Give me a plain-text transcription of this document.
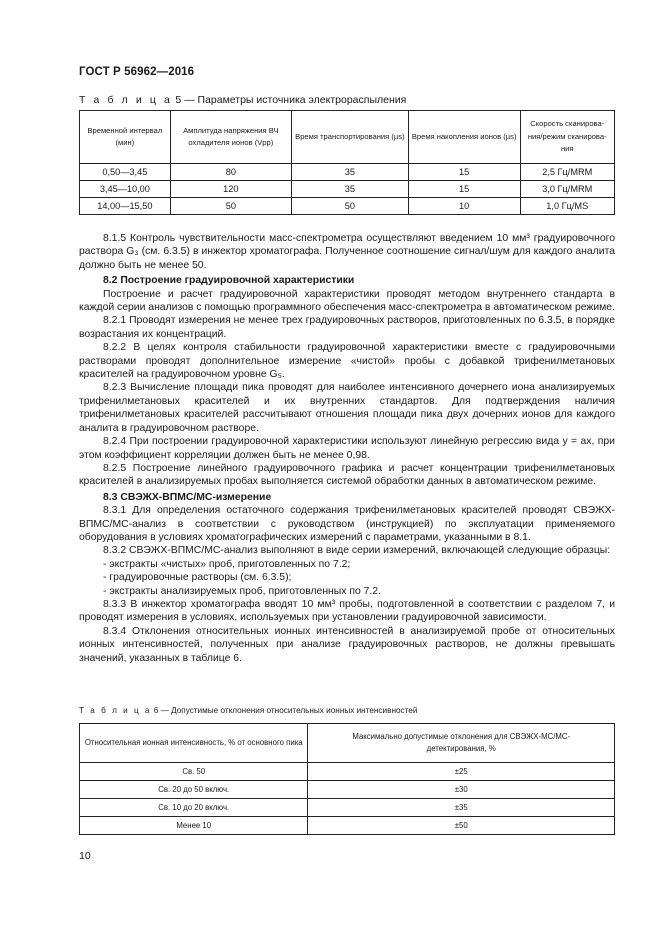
ГОСТ Р 56962—2016
Т а б л и ц а 5 — Параметры источника электрораспыления
Временной интервал (мин)	Амплитуда напряжения ВЧ охладителя ионов (Vpp)	Время транспортирования (µs)	Время накопления ионов (µs)	Скорость сканирова-ния/режим сканирова-ния
0,50—3,45	80	35	15	2,5 Гц/MRM
3,45—10,00	120	35	15	3,0 Гц/MRM
14,00—15,50	50	50	10	1,0 Гц/MS

8.1.5 Контроль чувствительности масс-спектрометра осуществляют введением 10 мм³ градуировочного раствора G₃ (см. 6.3.5) в инжектор хроматографа. Полученное соотношение сигнал/шум для каждого аналита должно быть не менее 50.

8.2 Построение градуировочной характеристики

Построение и расчет градуировочной характеристики проводят методом внутреннего стандарта в каждой серии анализов с помощью программного обеспечения масс-спектрометра в автоматическом режиме.

8.2.1 Проводят измерения не менее трех градуировочных растворов, приготовленных по 6.3.5, в порядке возрастания их концентраций.

8.2.2 В целях контроля стабильности градуировочной характеристики вместе с градуировочными растворами проводят дополнительное измерение «чистой» пробы с добавкой трифенилметановых красителей на градуировочном уровне G₅.

8.2.3 Вычисление площади пика проводят для наиболее интенсивного дочернего иона анализируемых трифенилметановых красителей и их внутренних стандартов. Для подтверждения наличия трифенилметановых красителей рассчитывают отношения площади пика двух дочерних ионов для каждого аналита в градуировочном растворе.

8.2.4 При построении градуировочной характеристики используют линейную регрессию вида y = ax, при этом коэффициент корреляции должен быть не менее 0,98.

8.2.5 Построение линейного градуировочного графика и расчет концентрации трифенилметановых красителей в анализируемых пробах выполняется системой обработки данных в автоматическом режиме.

8.3 СВЭЖХ-ВПМС/МС-измерение

8.3.1 Для определения остаточного содержания трифенилметановых красителей проводят СВЭЖХ-ВПМС/МС-анализ в соответствии с руководством (инструкцией) по эксплуатации применяемого оборудования в условиях хроматографических измерений с параметрами, указанными в 8.1.

8.3.2 СВЭЖХ-ВПМС/МС-анализ выполняют в виде серии измерений, включающей следующие образцы:

- экстракты «чистых» проб, приготовленных по 7.2;

- градуировочные растворы (см. 6.3.5);

- экстракты анализируемых проб, приготовленных по 7.2.

8.3.3 В инжектор хроматографа вводят 10 мм³ пробы, подготовленной в соответствии с разделом 7, и проводят измерения в условиях, используемых при установлении градуировочной зависимости.

8.3.4 Отклонения относительных ионных интенсивностей в анализируемой пробе от относительных ионных интенсивностей, полученных при анализе градуировочных растворов, не должны превышать значений, указанных в таблице 6.

Т а б л и ц а 6 — Допустимые отклонения относительных ионных интенсивностей
Относительная ионная интенсивность, % от основного пика	Максимально допустимые отклонения для СВЭЖХ-МС/МС-детектирования, %
Св. 50	±25
Св. 20 до 50 включ.	±30
Св. 10 до 20 включ.	±35
Менее 10	±50
10
